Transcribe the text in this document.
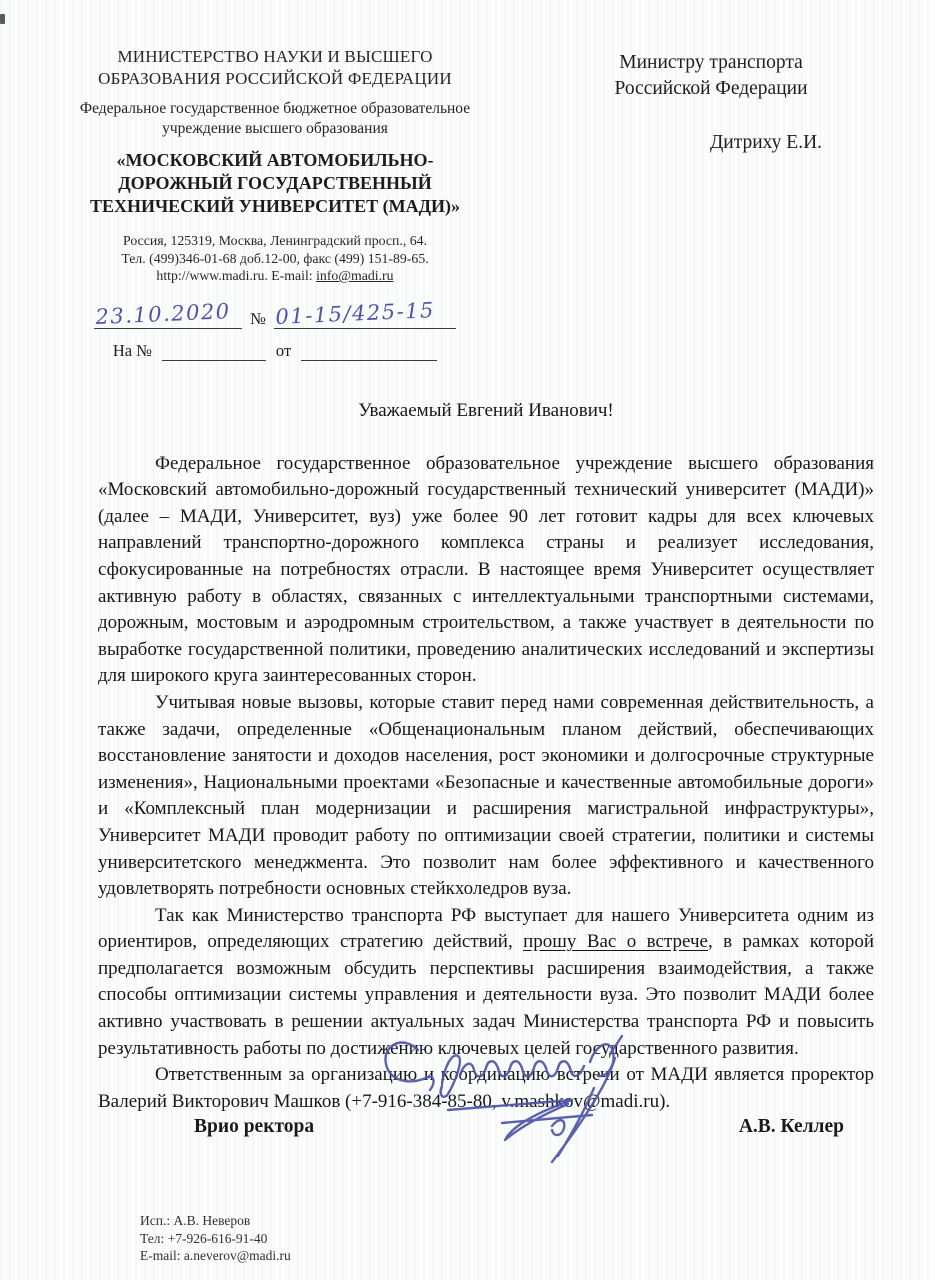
МИНИСТЕРСТВО НАУКИ И ВЫСШЕГО ОБРАЗОВАНИЯ РОССИЙСКОЙ ФЕДЕРАЦИИ
Федеральное государственное бюджетное образовательное учреждение высшего образования
«МОСКОВСКИЙ АВТОМОБИЛЬНО-ДОРОЖНЫЙ ГОСУДАРСТВЕННЫЙ ТЕХНИЧЕСКИЙ УНИВЕРСИТЕТ (МАДИ)»
Россия, 125319, Москва, Ленинградский просп., 64.
Тел. (499)346-01-68 доб.12-00, факс (499) 151-89-65.
http://www.madi.ru. E-mail: info@madi.ru
23.10.2020 № 01-15/425-15
На №	от
Министру транспорта
Российской Федерации
Дитриху Е.И.
Уважаемый Евгений Иванович!

Федеральное государственное образовательное учреждение высшего образования «Московский автомобильно-дорожный государственный технический университет (МАДИ)» (далее – МАДИ, Университет, вуз) уже более 90 лет готовит кадры для всех ключевых направлений транспортно-дорожного комплекса страны и реализует исследования, сфокусированные на потребностях отрасли. В настоящее время Университет осуществляет активную работу в областях, связанных с интеллектуальными транспортными системами, дорожным, мостовым и аэродромным строительством, а также участвует в деятельности по выработке государственной политики, проведению аналитических исследований и экспертизы для широкого круга заинтересованных сторон.

Учитывая новые вызовы, которые ставит перед нами современная действительность, а также задачи, определенные «Общенациональным планом действий, обеспечивающих восстановление занятости и доходов населения, рост экономики и долгосрочные структурные изменения», Национальными проектами «Безопасные и качественные автомобильные дороги» и «Комплексный план модернизации и расширения магистральной инфраструктуры», Университет МАДИ проводит работу по оптимизации своей стратегии, политики и системы университетского менеджмента. Это позволит нам более эффективного и качественного удовлетворять потребности основных стейкхоледров вуза.

Так как Министерство транспорта РФ выступает для нашего Университета одним из ориентиров, определяющих стратегию действий, прошу Вас о встрече, в рамках которой предполагается возможным обсудить перспективы расширения взаимодействия, а также способы оптимизации системы управления и деятельности вуза. Это позволит МАДИ более активно участвовать в решении актуальных задач Министерства транспорта РФ и повысить результативность работы по достижению ключевых целей государственного развития.

Ответственным за организацию и координацию встречи от МАДИ является проректор Валерий Викторович Машков (+7-916-384-85-80, v.mashkov@madi.ru).

Врио ректора	А.В. Келлер
Исп.: А.В. Неверов
Тел: +7-926-616-91-40
E-mail: a.neverov@madi.ru
